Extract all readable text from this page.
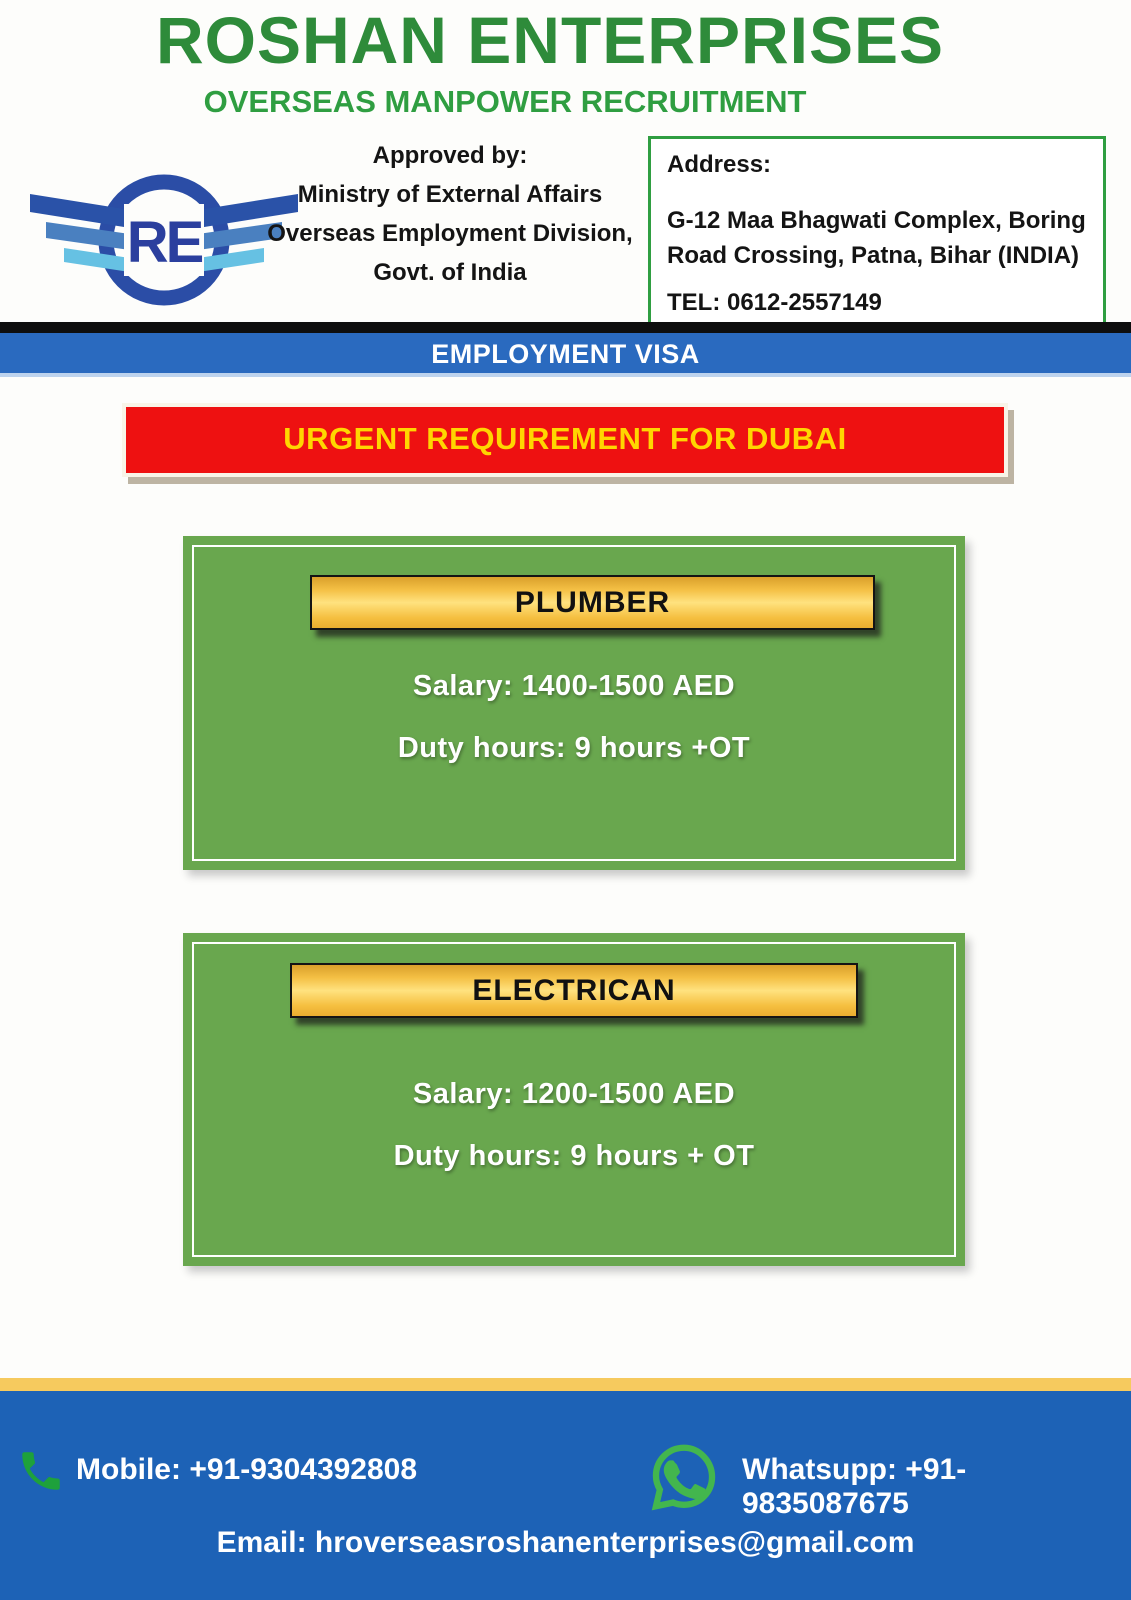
ROSHAN ENTERPRISES
OVERSEAS MANPOWER RECRUITMENT
RE
Approved by:
Ministry of External Affairs
Overseas Employment Division,
Govt. of India
Address:
G-12 Maa Bhagwati Complex, Boring
Road Crossing, Patna, Bihar (INDIA)
TEL: 0612-2557149
EMPLOYMENT VISA
URGENT REQUIREMENT FOR DUBAI
PLUMBER
Salary: 1400-1500 AED
Duty hours: 9 hours +OT
ELECTRICAN
Salary: 1200-1500 AED
Duty hours: 9 hours + OT
Mobile: +91-9304392808	Whatsupp: +91-9835087675
Email: hroverseasroshanenterprises@gmail.com
